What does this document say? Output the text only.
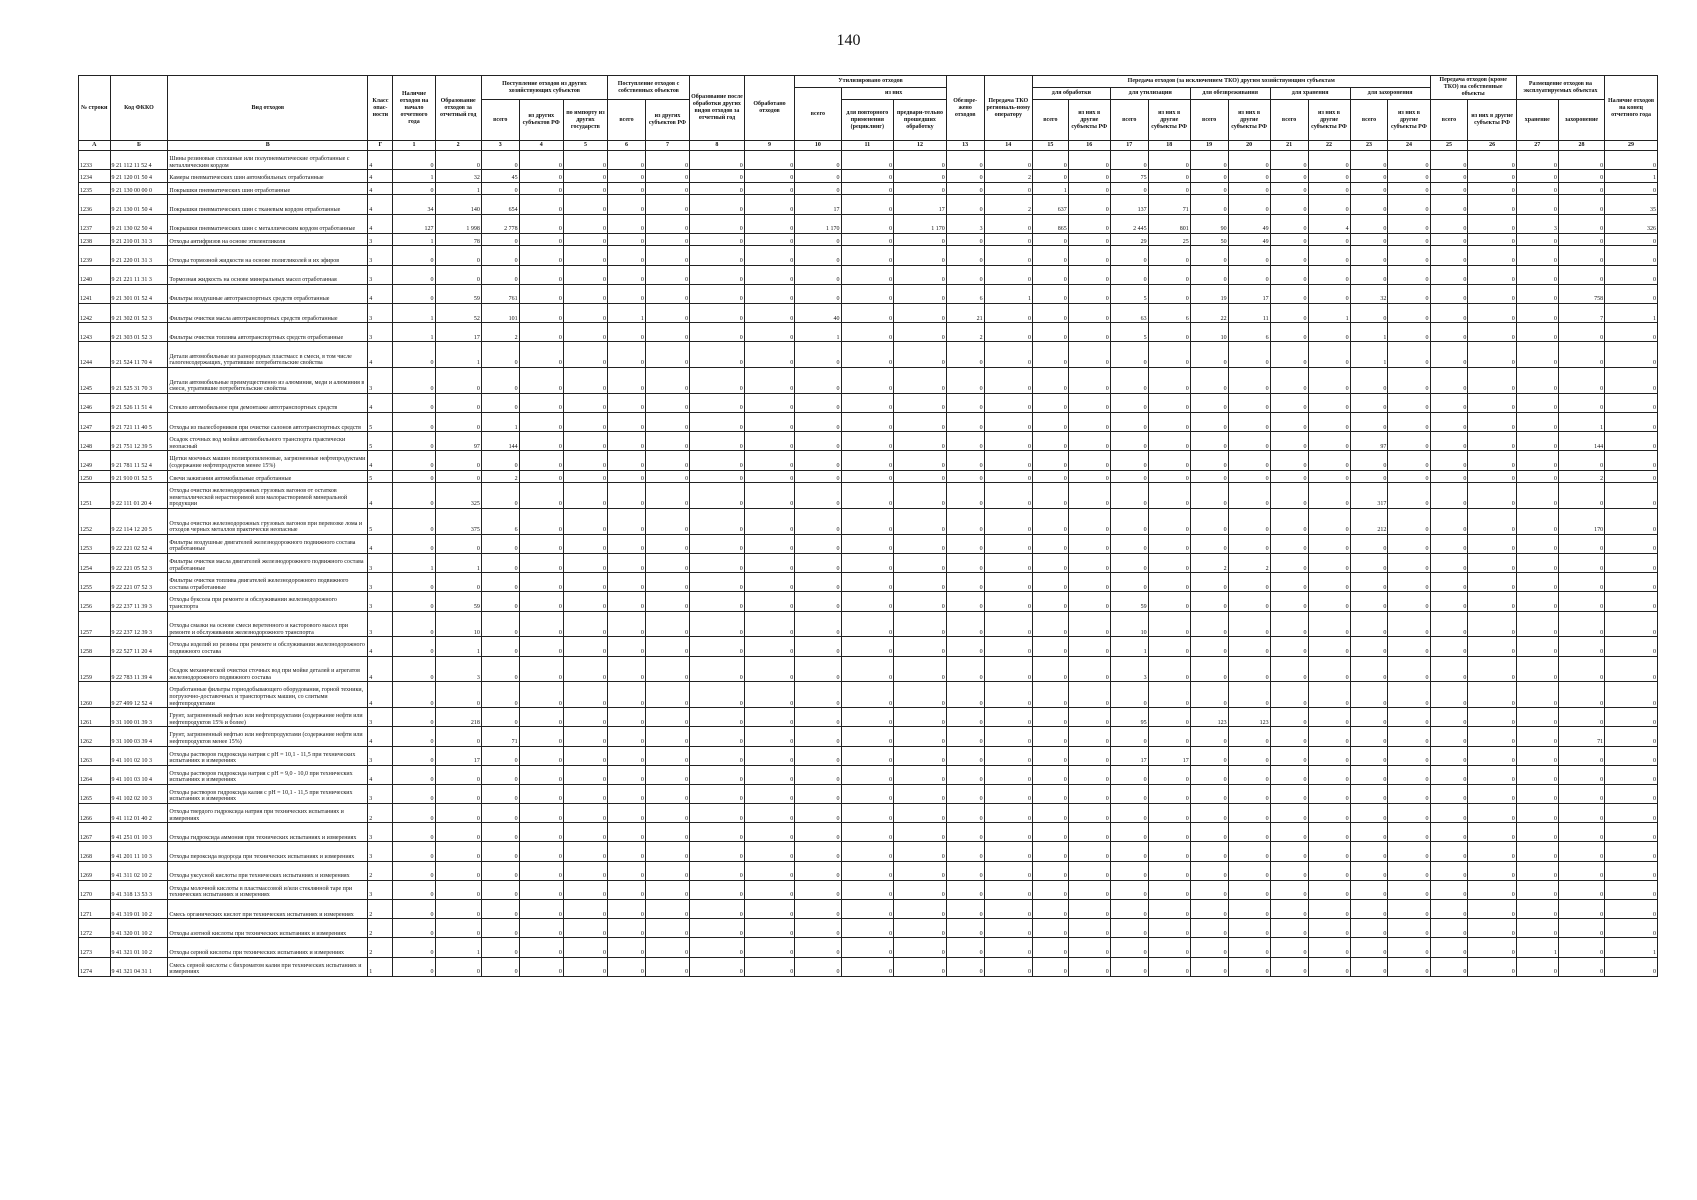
140
№ строки	Код ФККО	Вид отходов	Класс опас-ности	Наличие отходов на начало отчетного года	Образование отходов за отчетный год	Поступление отходов из других хозяйствующих субъектов			Поступление отходов с собственных объектов		Образование после обработки других видов отходов за отчетный год	Обработано отходов	Утилизировано отходов			Обезвре-жено отходов	Передача ТКО региональ-ному оператору	Передача отходов (за исключением ТКО) другим хозяйствующим субъектам										Передача отходов (кроме ТКО) на собственные объекты		Размещение отходов на эксплуатируемых объектах		Наличие отходов на конец отчетного года
													всего	из них				для обработки		для утилизации		для обезвреживания		для хранения		для захоронения						
						всего	из других субъектов РФ	по импорту из других государств	всего	из других субъектов РФ				для повторного применения (рециклинг)	предвари-тельно прошедших обработку			всего	из них в другие субъекты РФ	всего	из них в другие субъекты РФ	всего	из них в другие субъекты РФ	всего	из них в другие субъекты РФ	всего	из них в другие субъекты РФ	всего	из них в другие субъекты РФ	хранение	захоронение	
А	Б	В	Г	1	2	3	4	5	6	7	8	9	10	11	12	13	14	15	16	17	18	19	20	21	22	23	24	25	26	27	28	29
1233	9 21 112 11 52 4	Шины резиновые сплошные или полупневматические отработанные с металлическим кордом	4	0	0	0	0	0	0	0	0	0	0	0	0	0	0	0	0	0	0	0	0	0	0	0	0	0	0	0	0	0
1234	9 21 120 01 50 4	Камеры пневматических шин автомобильных отработанные	4	1	32	45	0	0	0	0	0	0	0	0	0	0	2	0	0	75	0	0	0	0	0	0	0	0	0	0	0	1
1235	9 21 130 00 00 0	Покрышки пневматических шин отработанные	4	0	1	0	0	0	0	0	0	0	0	0	0	0	0	1	0	0	0	0	0	0	0	0	0	0	0	0	0	0
1236	9 21 130 01 50 4	Покрышки пневматических шин с тканевым кордом отработанные	4	34	140	654	0	0	0	0	0	0	17	0	17	0	2	637	0	137	71	0	0	0	0	0	0	0	0	0	0	35
1237	9 21 130 02 50 4	Покрышки пневматических шин с металлическим кордом отработанные	4	127	1 998	2 778	0	0	0	0	0	0	1 170	0	1 170	3	0	865	0	2 445	801	90	49	0	4	0	0	0	0	3	0	326
1238	9 21 210 01 31 3	Отходы антифризов на основе этиленгликоля	3	1	78	0	0	0	0	0	0	0	0	0	0	0	0	0	0	29	25	50	49	0	0	0	0	0	0	0	0	0
1239	9 21 220 01 31 3	Отходы тормозной жидкости на основе полигликолей и их эфиров	3	0	0	0	0	0	0	0	0	0	0	0	0	0	0	0	0	0	0	0	0	0	0	0	0	0	0	0	0	0
1240	9 21 221 11 31 3	Тормозная жидкость на основе минеральных масел отработанная	3	0	0	0	0	0	0	0	0	0	0	0	0	0	0	0	0	0	0	0	0	0	0	0	0	0	0	0	0	0
1241	9 21 301 01 52 4	Фильтры воздушные автотранспортных средств отработанные	4	0	59	761	0	0	0	0	0	0	0	0	0	6	1	0	0	5	0	19	17	0	0	32	0	0	0	0	758	0
1242	9 21 302 01 52 3	Фильтры очистки масла автотранспортных средств отработанные	3	1	52	101	0	0	1	0	0	0	40	0	0	21	0	0	0	63	6	22	11	0	1	0	0	0	0	0	7	1
1243	9 21 303 01 52 3	Фильтры очистки топлива автотранспортных средств отработанные	3	1	17	2	0	0	0	0	0	0	1	0	0	2	0	0	0	5	0	10	6	0	0	1	0	0	0	0	0	0
1244	9 21 524 11 70 4	Детали автомобильные из разнородных пластмасс в смеси, в том числе галогенсодержащих, утратившие потребительские свойства	4	0	1	0	0	0	0	0	0	0	0	0	0	0	0	0	0	0	0	0	0	0	0	1	0	0	0	0	0	0
1245	9 21 525 31 70 3	Детали автомобильные преимущественно из алюминия, меди и алюминия в смеси, утратившие потребительские свойства	3	0	0	0	0	0	0	0	0	0	0	0	0	0	0	0	0	0	0	0	0	0	0	0	0	0	0	0	0	0
1246	9 21 526 11 51 4	Стекло автомобильное при демонтаже автотранспортных средств	4	0	0	0	0	0	0	0	0	0	0	0	0	0	0	0	0	0	0	0	0	0	0	0	0	0	0	0	0	0
1247	9 21 721 11 40 5	Отходы из пылесборников при очистке салонов автотранспортных средств	5	0	0	1	0	0	0	0	0	0	0	0	0	0	0	0	0	0	0	0	0	0	0	0	0	0	0	0	1	0
1248	9 21 751 12 39 5	Осадок сточных вод мойки автомобильного транспорта практически неопасный	5	0	97	144	0	0	0	0	0	0	0	0	0	0	0	0	0	0	0	0	0	0	0	97	0	0	0	0	144	0
1249	9 21 781 11 52 4	Щетки моечных машин полипропиленовые, загрязненные нефтепродуктами (содержание нефтепродуктов менее 15%)	4	0	0	0	0	0	0	0	0	0	0	0	0	0	0	0	0	0	0	0	0	0	0	0	0	0	0	0	0	0
1250	9 21 910 01 52 5	Свечи зажигания автомобильные отработанные	5	0	0	2	0	0	0	0	0	0	0	0	0	0	0	0	0	0	0	0	0	0	0	0	0	0	0	0	2	0
1251	9 22 111 01 20 4	Отходы очистки железнодорожных грузовых вагонов от остатков неметаллической нерастворимой или малорастворимой минеральной продукции	4	0	325	0	0	0	0	0	0	0	0	0	0	0	0	0	0	0	0	0	0	0	0	317	0	0	0	0	0	0
1252	9 22 114 12 20 5	Отходы очистки железнодорожных грузовых вагонов при перевозке лома и отходов черных металлов практически неопасные	5	0	375	6	0	0	0	0	0	0	0	0	0	0	0	0	0	0	0	0	0	0	0	212	0	0	0	0	170	0
1253	9 22 221 02 52 4	Фильтры воздушные двигателей железнодорожного подвижного состава отработанные	4	0	0	0	0	0	0	0	0	0	0	0	0	0	0	0	0	0	0	0	0	0	0	0	0	0	0	0	0	0
1254	9 22 221 05 52 3	Фильтры очистки масла двигателей железнодорожного подвижного состава отработанные	3	1	1	0	0	0	0	0	0	0	0	0	0	0	0	0	0	0	0	2	2	0	0	0	0	0	0	0	0	0
1255	9 22 221 07 52 3	Фильтры очистки топлива двигателей железнодорожного подвижного состава отработанные	3	0	0	0	0	0	0	0	0	0	0	0	0	0	0	0	0	0	0	0	0	0	0	0	0	0	0	0	0	0
1256	9 22 237 11 39 3	Отходы буксола при ремонте и обслуживании железнодорожного транспорта	3	0	59	0	0	0	0	0	0	0	0	0	0	0	0	0	0	59	0	0	0	0	0	0	0	0	0	0	0	0
1257	9 22 237 12 39 3	Отходы смазки на основе смеси веретенного и касторового масел при ремонте и обслуживании железнодорожного транспорта	3	0	10	0	0	0	0	0	0	0	0	0	0	0	0	0	0	10	0	0	0	0	0	0	0	0	0	0	0	0
1258	9 22 527 11 20 4	Отходы изделий из резины при ремонте и обслуживании железнодорожного подвижного состава	4	0	1	0	0	0	0	0	0	0	0	0	0	0	0	0	0	1	0	0	0	0	0	0	0	0	0	0	0	0
1259	9 22 783 11 39 4	Осадок механической очистки сточных вод при мойке деталей и агрегатов железнодорожного подвижного состава	4	0	3	0	0	0	0	0	0	0	0	0	0	0	0	0	0	3	0	0	0	0	0	0	0	0	0	0	0	0
1260	9 27 499 12 52 4	Отработанные фильтры горнодобывающего оборудования, горной техники, погрузочно-доставочных и транспортных машин, со слитыми нефтепродуктами	4	0	0	0	0	0	0	0	0	0	0	0	0	0	0	0	0	0	0	0	0	0	0	0	0	0	0	0	0	0
1261	9 31 100 01 39 3	Грунт, загрязненный нефтью или нефтепродуктами (содержание нефти или нефтепродуктов 15% и более)	3	0	218	0	0	0	0	0	0	0	0	0	0	0	0	0	0	95	0	123	123	0	0	0	0	0	0	0	0	0
1262	9 31 100 03 39 4	Грунт, загрязненный нефтью или нефтепродуктами (содержание нефти или нефтепродуктов менее 15%)	4	0	0	71	0	0	0	0	0	0	0	0	0	0	0	0	0	0	0	0	0	0	0	0	0	0	0	0	71	0
1263	9 41 101 02 10 3	Отходы растворов гидроксида натрия с pH = 10,1 - 11,5 при технических испытаниях и измерениях	3	0	17	0	0	0	0	0	0	0	0	0	0	0	0	0	0	17	17	0	0	0	0	0	0	0	0	0	0	0
1264	9 41 101 03 10 4	Отходы растворов гидроксида натрия с pH = 9,0 - 10,0 при технических испытаниях и измерениях	4	0	0	0	0	0	0	0	0	0	0	0	0	0	0	0	0	0	0	0	0	0	0	0	0	0	0	0	0	0
1265	9 41 102 02 10 3	Отходы растворов гидроксида калия с pH = 10,1 - 11,5 при технических испытаниях и измерениях	3	0	0	0	0	0	0	0	0	0	0	0	0	0	0	0	0	0	0	0	0	0	0	0	0	0	0	0	0	0
1266	9 41 112 01 40 2	Отходы твердого гидроксида натрия при технических испытаниях и измерениях	2	0	0	0	0	0	0	0	0	0	0	0	0	0	0	0	0	0	0	0	0	0	0	0	0	0	0	0	0	0
1267	9 41 251 01 10 3	Отходы гидроксида аммония при технических испытаниях и измерениях	3	0	0	0	0	0	0	0	0	0	0	0	0	0	0	0	0	0	0	0	0	0	0	0	0	0	0	0	0	0
1268	9 41 201 11 10 3	Отходы пероксида водорода при технических испытаниях и измерениях	3	0	0	0	0	0	0	0	0	0	0	0	0	0	0	0	0	0	0	0	0	0	0	0	0	0	0	0	0	0
1269	9 41 311 02 10 2	Отходы уксусной кислоты при технических испытаниях и измерениях	2	0	0	0	0	0	0	0	0	0	0	0	0	0	0	0	0	0	0	0	0	0	0	0	0	0	0	0	0	0
1270	9 41 318 13 53 3	Отходы молочной кислоты в пластмассовой и/или стеклянной таре при технических испытаниях и измерениях	3	0	0	0	0	0	0	0	0	0	0	0	0	0	0	0	0	0	0	0	0	0	0	0	0	0	0	0	0	0
1271	9 41 319 01 10 2	Смесь органических кислот при технических испытаниях и измерениях	2	0	0	0	0	0	0	0	0	0	0	0	0	0	0	0	0	0	0	0	0	0	0	0	0	0	0	0	0	0
1272	9 41 320 01 10 2	Отходы азотной кислоты при технических испытаниях и измерениях	2	0	0	0	0	0	0	0	0	0	0	0	0	0	0	0	0	0	0	0	0	0	0	0	0	0	0	0	0	0
1273	9 41 321 01 10 2	Отходы серной кислоты при технических испытаниях и измерениях	2	0	1	0	0	0	0	0	0	0	0	0	0	0	0	0	0	0	0	0	0	0	0	0	0	0	0	1	0	1
1274	9 41 321 04 31 1	Смесь серной кислоты с бихроматом калия при технических испытаниях и измерениях	1	0	0	0	0	0	0	0	0	0	0	0	0	0	0	0	0	0	0	0	0	0	0	0	0	0	0	0	0	0
